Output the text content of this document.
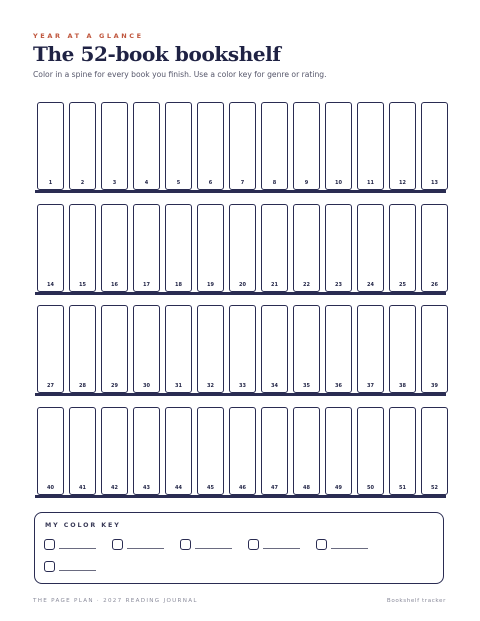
YEAR AT A GLANCE
The 52-book bookshelf
Color in a spine for every book you finish. Use a color key for genre or rating.
1	2	3	4	5	6	7	8	9	10	11	12	13
14	15	16	17	18	19	20	21	22	23	24	25	26
27	28	29	30	31	32	33	34	35	36	37	38	39
40	41	42	43	44	45	46	47	48	49	50	51	52
MY COLOR KEY
THE PAGE PLAN · 2027 READING JOURNAL	Bookshelf tracker
